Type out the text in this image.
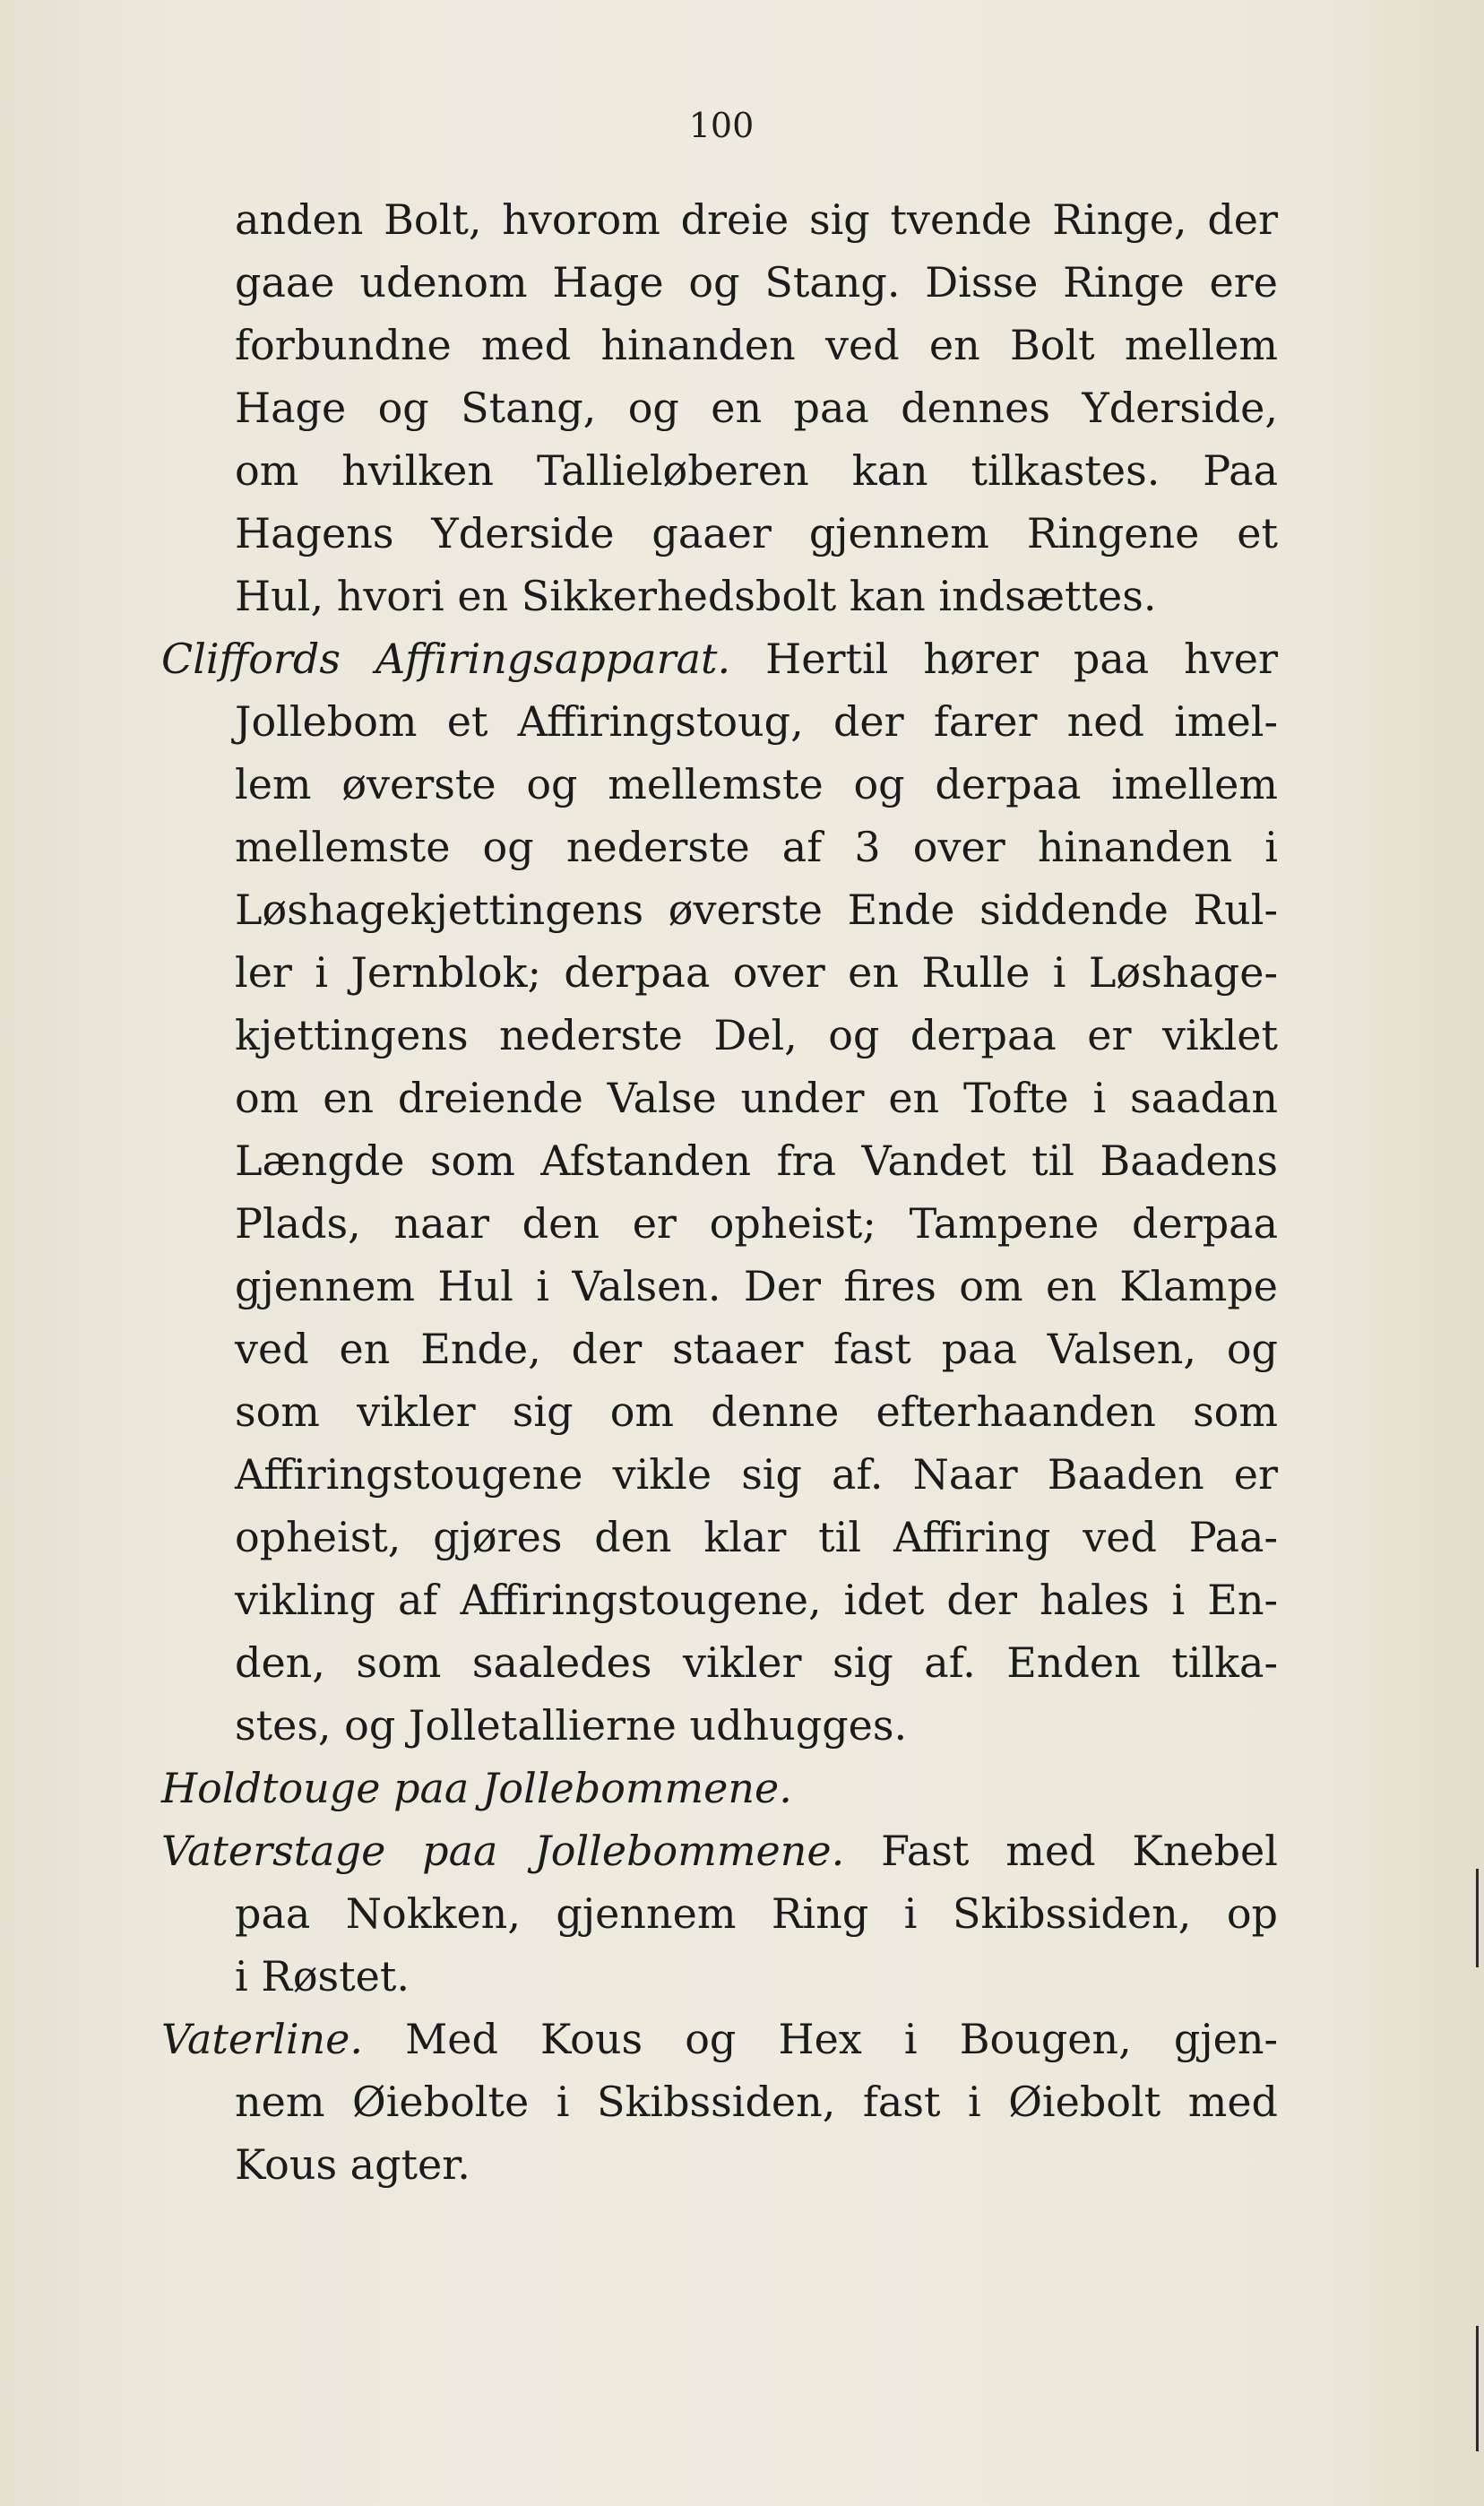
100
anden Bolt, hvorom dreie sig tvende Ringe, der
gaae udenom Hage og Stang. Disse Ringe ere
forbundne med hinanden ved en Bolt mellem
Hage og Stang, og en paa dennes Yderside,
om hvilken Tallieløberen kan tilkastes. Paa
Hagens Yderside gaaer gjennem Ringene et
Hul, hvori en Sikkerhedsbolt kan indsættes.
Cliffords Affiringsapparat. Hertil hører paa hver
Jollebom et Affiringstoug, der farer ned imel-
lem øverste og mellemste og derpaa imellem
mellemste og nederste af 3 over hinanden i
Løshagekjettingens øverste Ende siddende Rul-
ler i Jernblok; derpaa over en Rulle i Løshage-
kjettingens nederste Del, og derpaa er viklet
om en dreiende Valse under en Tofte i saadan
Længde som Afstanden fra Vandet til Baadens
Plads, naar den er opheist; Tampene derpaa
gjennem Hul i Valsen. Der fires om en Klampe
ved en Ende, der staaer fast paa Valsen, og
som vikler sig om denne efterhaanden som
Affiringstougene vikle sig af. Naar Baaden er
opheist, gjøres den klar til Affiring ved Paa-
vikling af Affiringstougene, idet der hales i En-
den, som saaledes vikler sig af. Enden tilka-
stes, og Jolletallierne udhugges.
Holdtouge paa Jollebommene.
Vaterstage paa Jollebommene. Fast med Knebel
paa Nokken, gjennem Ring i Skibssiden, op
i Røstet.
Vaterline. Med Kous og Hex i Bougen, gjen-
nem Øiebolte i Skibssiden, fast i Øiebolt med
Kous agter.
